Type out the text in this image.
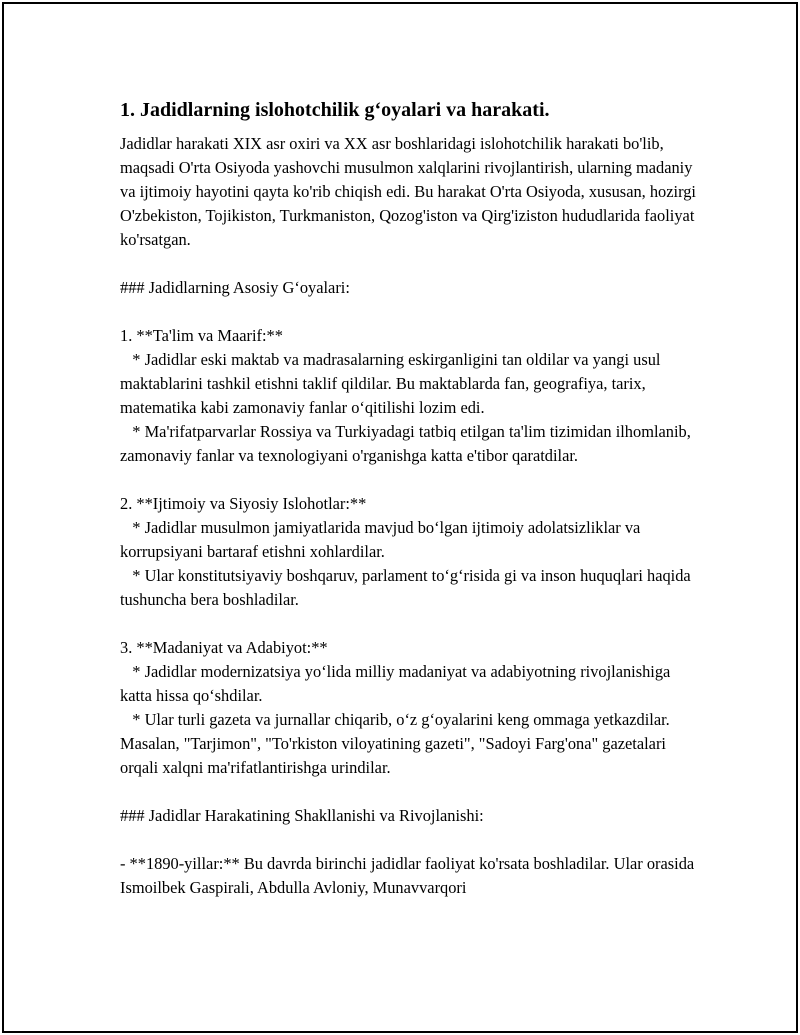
1. Jadidlarning islohotchilik g‘oyalari va harakati.

Jadidlar harakati XIX asr oxiri va XX asr boshlaridagi islohotchilik harakati bo'lib, maqsadi O'rta Osiyoda yashovchi musulmon xalqlarini rivojlantirish, ularning madaniy va ijtimoiy hayotini qayta ko'rib chiqish edi. Bu harakat O'rta Osiyoda, xususan, hozirgi O'zbekiston, Tojikiston, Turkmaniston, Qozog'iston va Qirg'iziston hududlarida faoliyat ko'rsatgan.

### Jadidlarning Asosiy G‘oyalari:

1. **Ta'lim va Maarif:**

* Jadidlar eski maktab va madrasalarning eskirganligini tan oldilar va yangi usul maktablarini tashkil etishni taklif qildilar. Bu maktablarda fan, geografiya, tarix, matematika kabi zamonaviy fanlar o‘qitilishi lozim edi.

* Ma'rifatparvarlar Rossiya va Turkiyadagi tatbiq etilgan ta'lim tizimidan ilhomlanib, zamonaviy fanlar va texnologiyani o'rganishga katta e'tibor qaratdilar.

2. **Ijtimoiy va Siyosiy Islohotlar:**

* Jadidlar musulmon jamiyatlarida mavjud bo‘lgan ijtimoiy adolatsizliklar va korrupsiyani bartaraf etishni xohlardilar.

* Ular konstitutsiyaviy boshqaruv, parlament to‘g‘risida gi va inson huquqlari haqida tushuncha bera boshladilar.

3. **Madaniyat va Adabiyot:**

* Jadidlar modernizatsiya yo‘lida milliy madaniyat va adabiyotning rivojlanishiga katta hissa qo‘shdilar.

* Ular turli gazeta va jurnallar chiqarib, o‘z g‘oyalarini keng ommaga yetkazdilar. Masalan, "Tarjimon", "To'rkiston viloyatining gazeti", "Sadoyi Farg'ona" gazetalari orqali xalqni ma'rifatlantirishga urindilar.

### Jadidlar Harakatining Shakllanishi va Rivojlanishi:

- **1890-yillar:** Bu davrda birinchi jadidlar faoliyat ko'rsata boshladilar. Ular orasida Ismoilbek Gaspirali, Abdulla Avloniy, Munavvarqori
